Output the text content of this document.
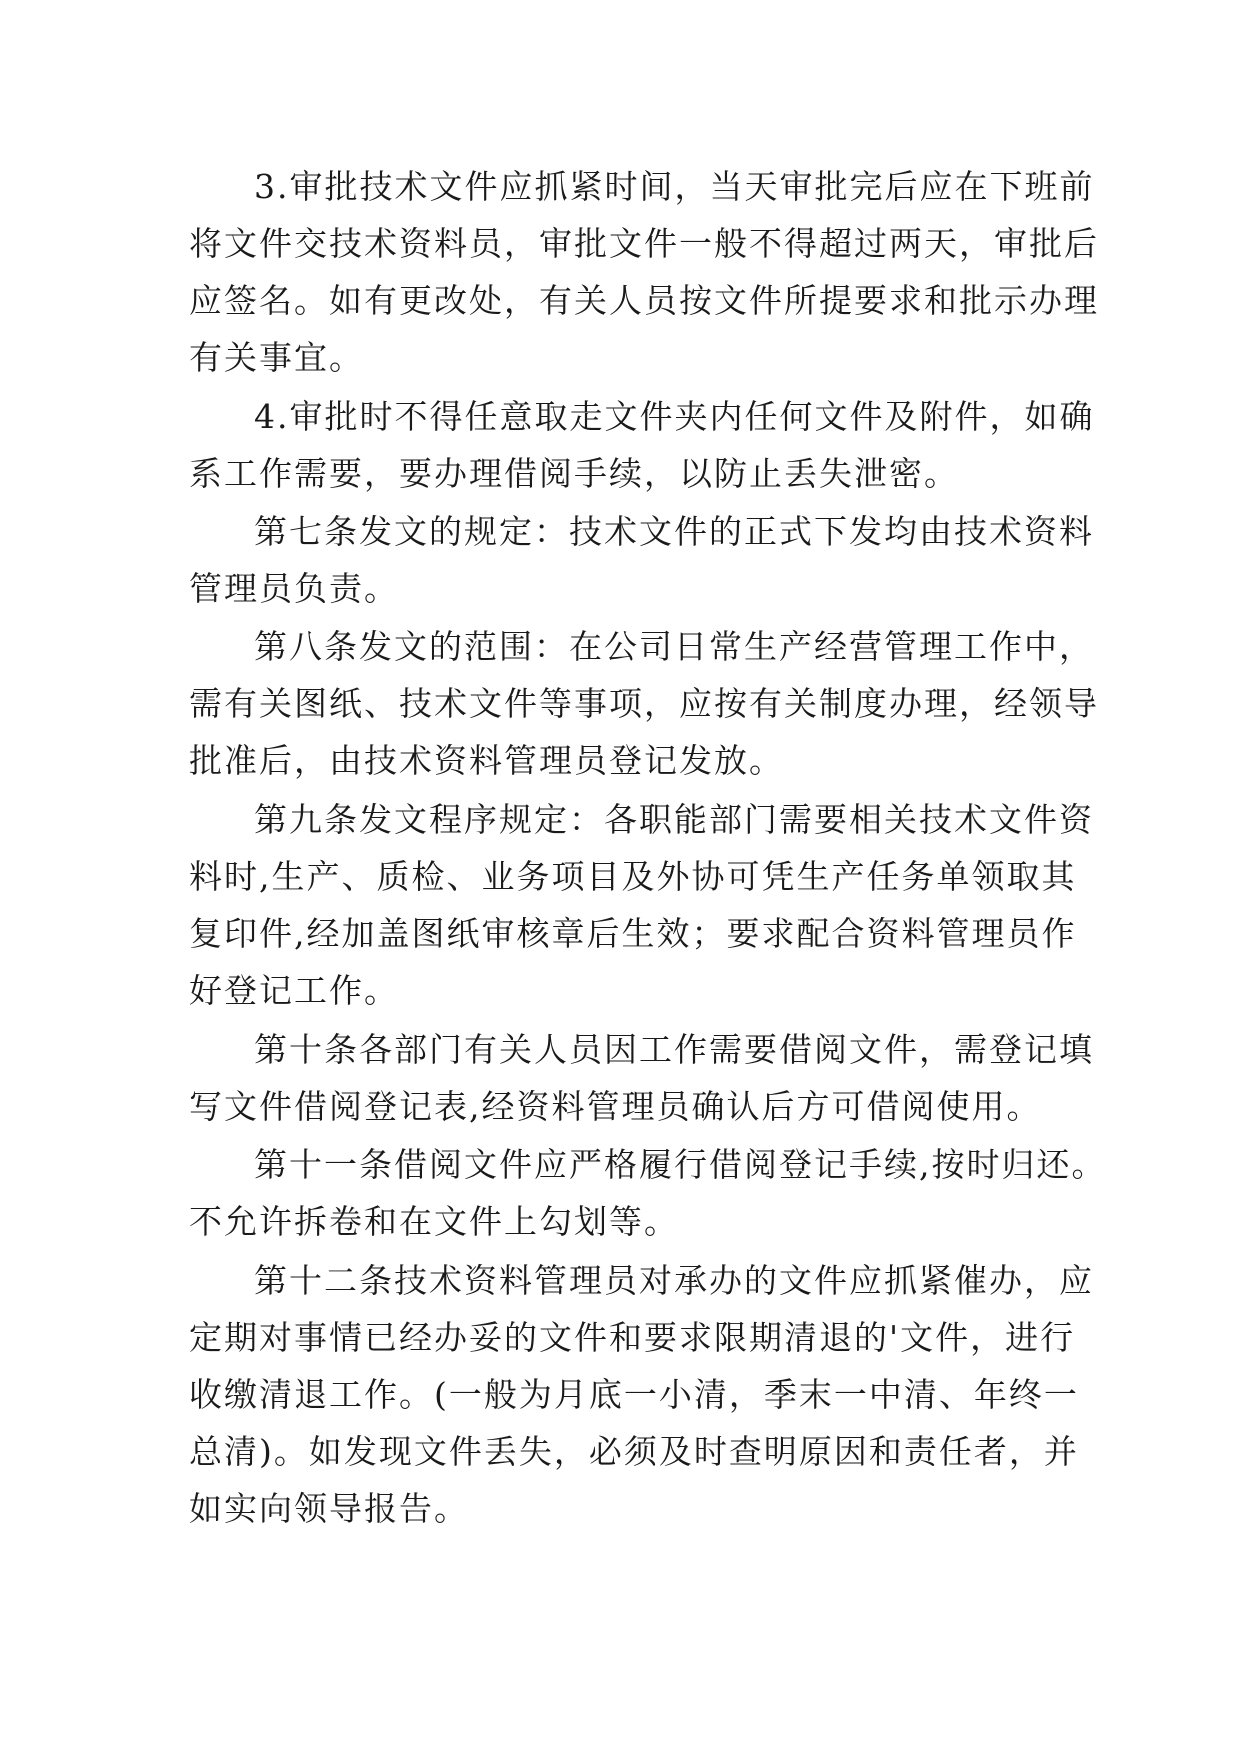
3.审批技术文件应抓紧时间，当天审批完后应在下班前
将文件交技术资料员，审批文件一般不得超过两天，审批后
应签名。如有更改处，有关人员按文件所提要求和批示办理
有关事宜。
4.审批时不得任意取走文件夹内任何文件及附件，如确
系工作需要，要办理借阅手续，以防止丢失泄密。
第七条发文的规定：技术文件的正式下发均由技术资料
管理员负责。
第八条发文的范围：在公司日常生产经营管理工作中，
需有关图纸、技术文件等事项，应按有关制度办理，经领导
批准后，由技术资料管理员登记发放。
第九条发文程序规定：各职能部门需要相关技术文件资
料时,生产、质检、业务项目及外协可凭生产任务单领取其
复印件,经加盖图纸审核章后生效；要求配合资料管理员作
好登记工作。
第十条各部门有关人员因工作需要借阅文件，需登记填
写文件借阅登记表,经资料管理员确认后方可借阅使用。
第十一条借阅文件应严格履行借阅登记手续,按时归还。
不允许拆卷和在文件上勾划等。
第十二条技术资料管理员对承办的文件应抓紧催办，应
定期对事情已经办妥的文件和要求限期清退的'文件，进行
收缴清退工作。(一般为月底一小清，季末一中清、年终一
总清)。如发现文件丢失，必须及时查明原因和责任者，并
如实向领导报告。
